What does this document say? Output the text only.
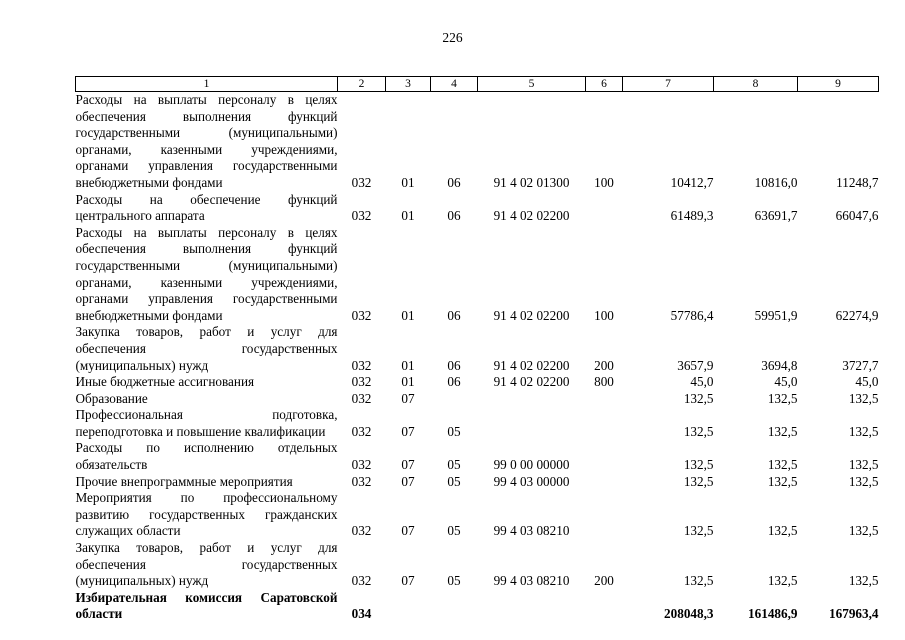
226
1	2	3	4	5	6	7	8	9
Расходы на выплаты персоналу в целях обеспечения выполнения функций государственными (муниципальными) органами, казенными учреждениями, органами управления государственными внебюджетными фондами	032	01	06	91 4 02 01300	100	10412,7	10816,0	11248,7
Расходы на обеспечение функций центрального аппарата	032	01	06	91 4 02 02200		61489,3	63691,7	66047,6
Расходы на выплаты персоналу в целях обеспечения выполнения функций государственными (муниципальными) органами, казенными учреждениями, органами управления государственными внебюджетными фондами	032	01	06	91 4 02 02200	100	57786,4	59951,9	62274,9
Закупка товаров, работ и услуг для обеспечения государственных (муниципальных) нужд	032	01	06	91 4 02 02200	200	3657,9	3694,8	3727,7
Иные бюджетные ассигнования	032	01	06	91 4 02 02200	800	45,0	45,0	45,0
Образование	032	07				132,5	132,5	132,5
Профессиональная подготовка, переподготовка и повышение квалификации	032	07	05			132,5	132,5	132,5
Расходы по исполнению отдельных обязательств	032	07	05	99 0 00 00000		132,5	132,5	132,5
Прочие внепрограммные мероприятия	032	07	05	99 4 03 00000		132,5	132,5	132,5
Мероприятия по профессиональному развитию государственных гражданских служащих области	032	07	05	99 4 03 08210		132,5	132,5	132,5
Закупка товаров, работ и услуг для обеспечения государственных (муниципальных) нужд	032	07	05	99 4 03 08210	200	132,5	132,5	132,5
Избирательная комиссия Саратовской области	034					208048,3	161486,9	167963,4
